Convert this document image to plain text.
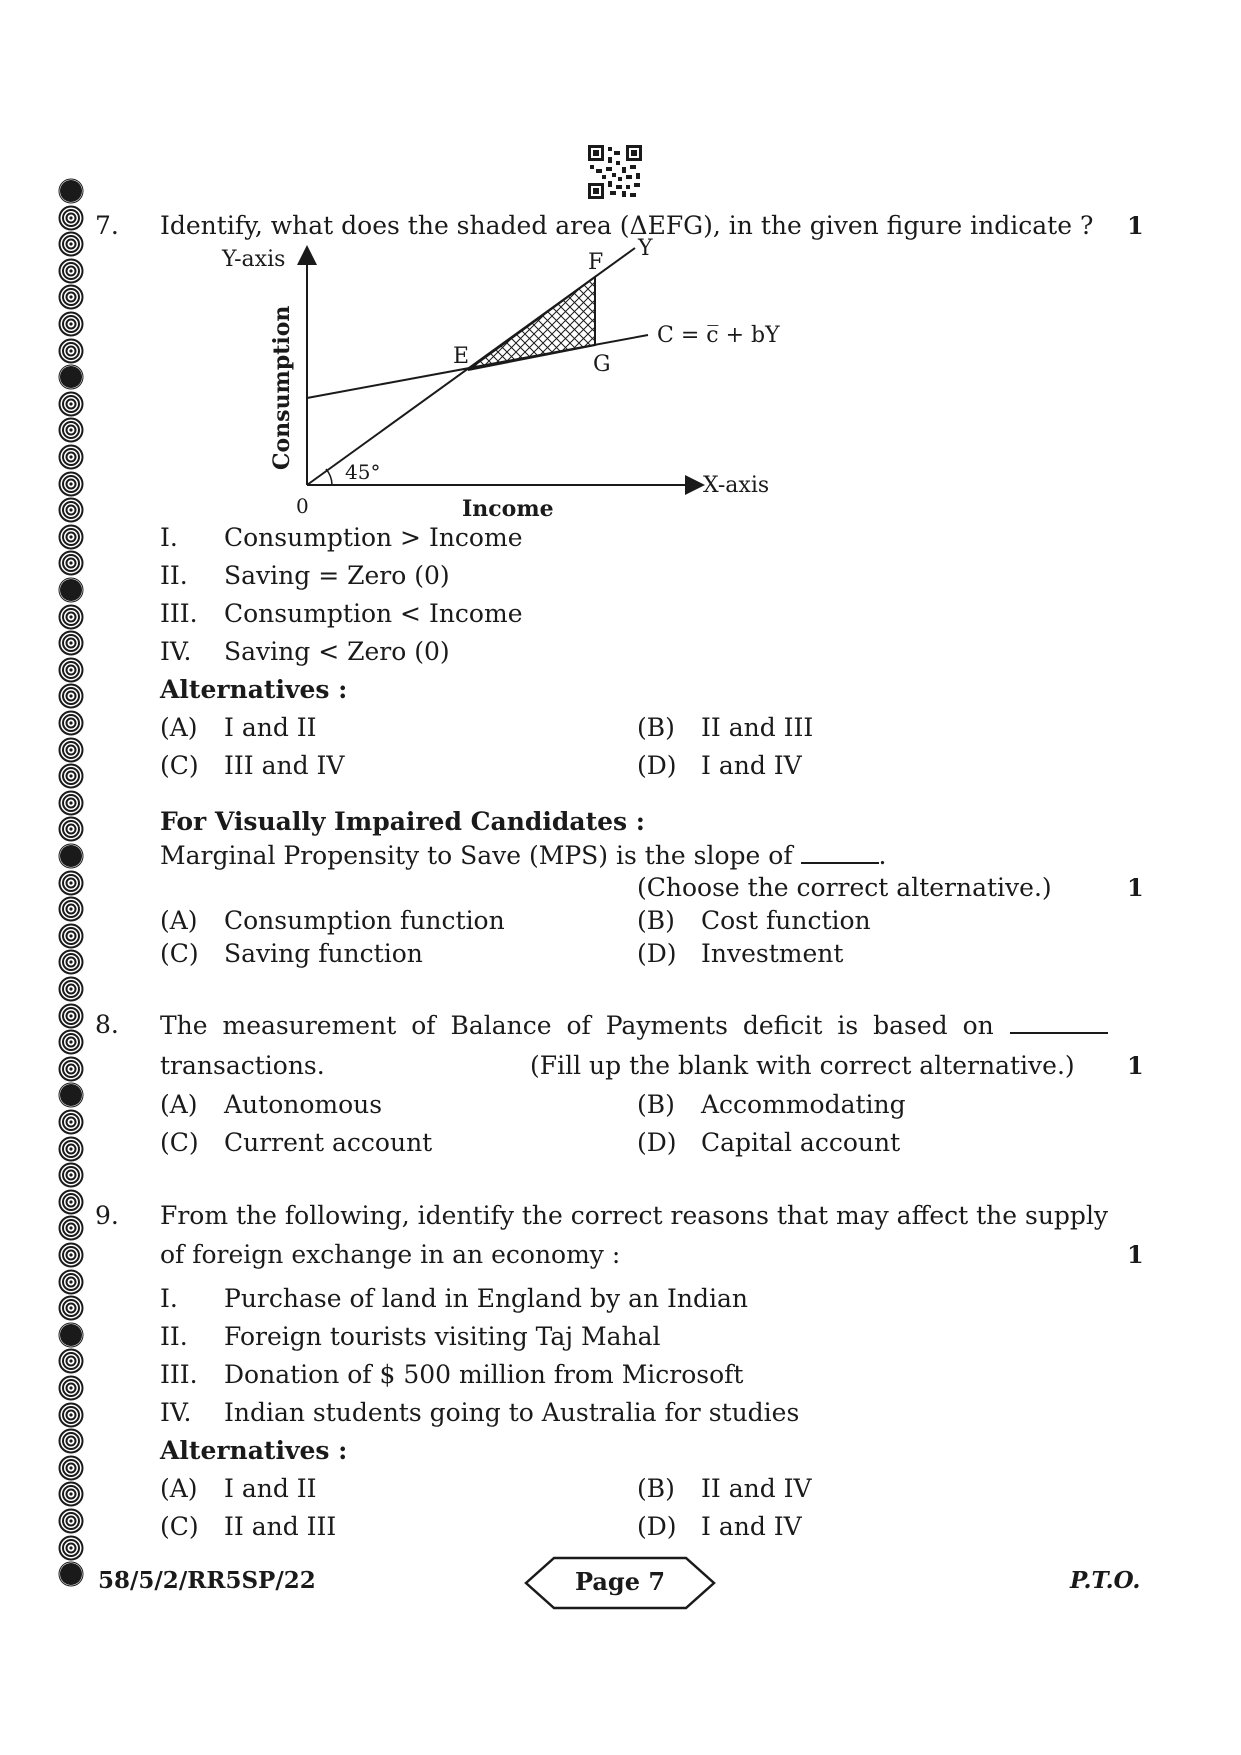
7. Identify, what does the shaded area (ΔEFG), in the given figure indicate ? 1
Y-axis
X-axis
Consumption
Income
0
45°
E
F
G
Y
C = c̅ + bY
I. Consumption > Income
II. Saving = Zero (0)
III. Consumption < Income
IV. Saving < Zero (0)
Alternatives :
(A) I and II	(B) II and III
(C) III and IV	(D) I and IV
For Visually Impaired Candidates :
Marginal Propensity to Save (MPS) is the slope of	.
(Choose the correct alternative.)	1
(A) Consumption function	(B) Cost function
(C) Saving function	(D) Investment
8. The measurement of Balance of Payments deficit is based on
transactions.	(Fill up the blank with correct alternative.) 1
(A) Autonomous	(B) Accommodating
(C) Current account	(D) Capital account
9. From the following, identify the correct reasons that may affect the supply
of foreign exchange in an economy :	1
I. Purchase of land in England by an Indian
II. Foreign tourists visiting Taj Mahal
III. Donation of $ 500 million from Microsoft
IV. Indian students going to Australia for studies
Alternatives :
(A) I and II	(B) II and IV
(C) II and III	(D) I and IV
58/5/2/RR5SP/22	Page 7	P.T.O.
